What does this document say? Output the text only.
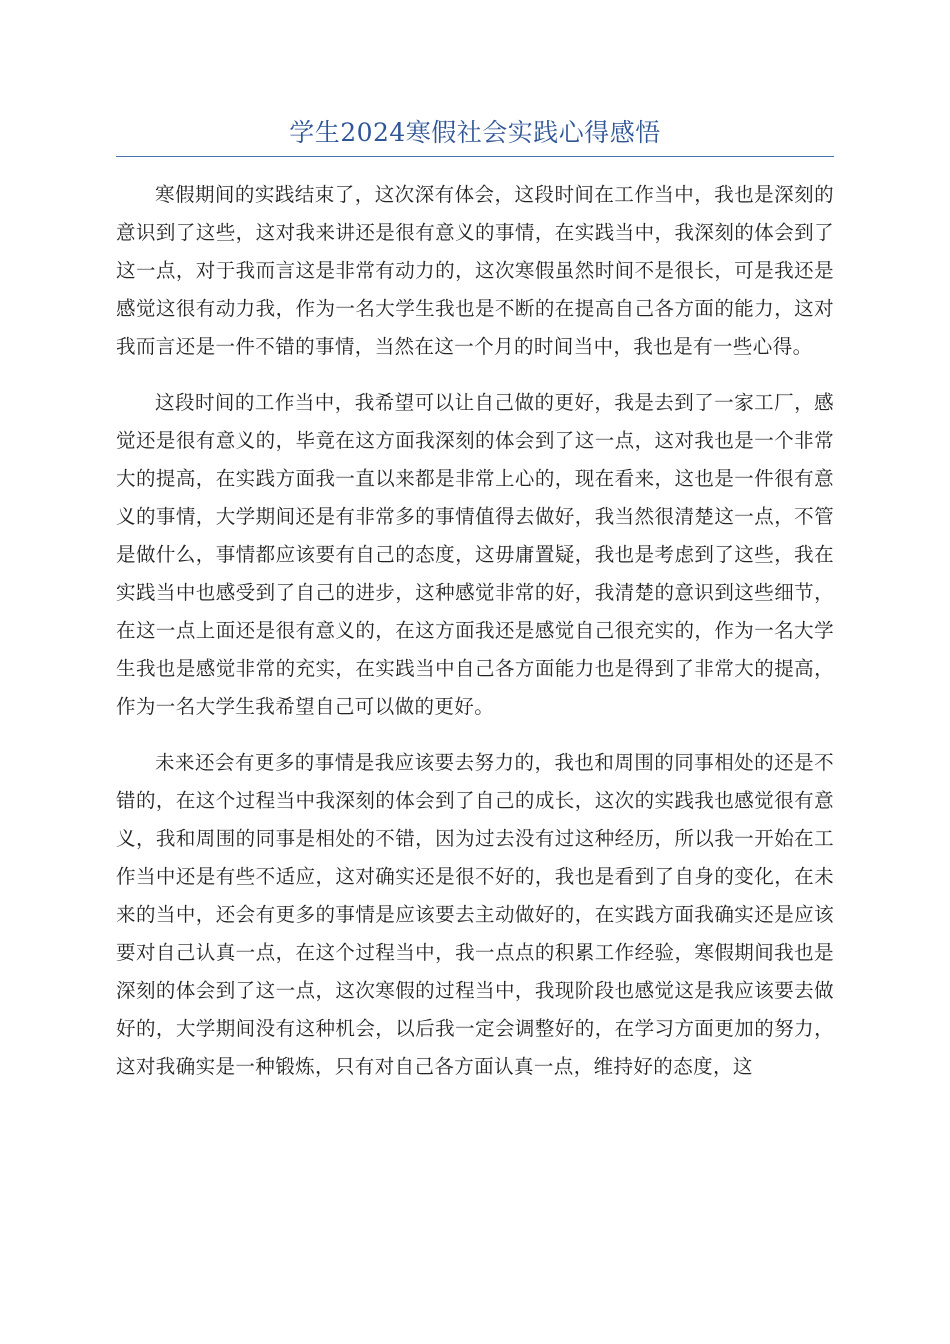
学生2024寒假社会实践心得感悟

寒假期间的实践结束了，这次深有体会，这段时间在工作当中，我也是深刻的意识到了这些，这对我来讲还是很有意义的事情，在实践当中，我深刻的体会到了这一点，对于我而言这是非常有动力的，这次寒假虽然时间不是很长，可是我还是感觉这很有动力我，作为一名大学生我也是不断的在提高自己各方面的能力，这对我而言还是一件不错的事情，当然在这一个月的时间当中，我也是有一些心得。

这段时间的工作当中，我希望可以让自己做的更好，我是去到了一家工厂，感觉还是很有意义的，毕竟在这方面我深刻的体会到了这一点，这对我也是一个非常大的提高，在实践方面我一直以来都是非常上心的，现在看来，这也是一件很有意义的事情，大学期间还是有非常多的事情值得去做好，我当然很清楚这一点，不管是做什么，事情都应该要有自己的态度，这毋庸置疑，我也是考虑到了这些，我在实践当中也感受到了自己的进步，这种感觉非常的好，我清楚的意识到这些细节，在这一点上面还是很有意义的，在这方面我还是感觉自己很充实的，作为一名大学生我也是感觉非常的充实，在实践当中自己各方面能力也是得到了非常大的提高，作为一名大学生我希望自己可以做的更好。

未来还会有更多的事情是我应该要去努力的，我也和周围的同事相处的还是不错的，在这个过程当中我深刻的体会到了自己的成长，这次的实践我也感觉很有意义，我和周围的同事是相处的不错，因为过去没有过这种经历，所以我一开始在工作当中还是有些不适应，这对确实还是很不好的，我也是看到了自身的变化，在未来的当中，还会有更多的事情是应该要去主动做好的，在实践方面我确实还是应该要对自己认真一点，在这个过程当中，我一点点的积累工作经验，寒假期间我也是深刻的体会到了这一点，这次寒假的过程当中，我现阶段也感觉这是我应该要去做好的，大学期间没有这种机会，以后我一定会调整好的，在学习方面更加的努力，这对我确实是一种锻炼，只有对自己各方面认真一点，维持好的态度，这
